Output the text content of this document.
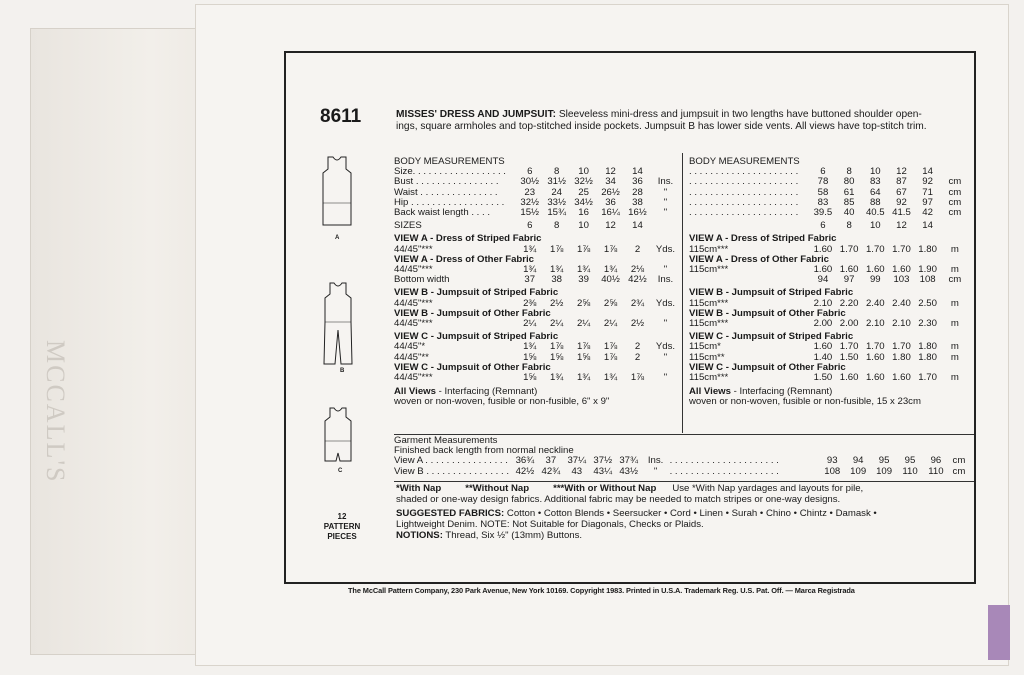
MCCALL'S
8611	MISSES' DRESS AND JUMPSUIT: Sleeveless mini-dress and jumpsuit in two lengths have buttoned shoulder open-
ings, square armholes and top-stitched inside pockets. Jumpsuit B has lower side vents. All views have top-stitch trim.
A
B
C
12
PATTERN
PIECES
BODY MEASUREMENTS						
Size. . . . . . . . . . . . . . . . . .	6	8	10	12	14	
Bust . . . . . . . . . . . . . . . .	30½	31½	32½	34	36	Ins.
Waist . . . . . . . . . . . . . . .	23	24	25	26½	28	"
Hip . . . . . . . . . . . . . . . . . .	32½	33½	34½	36	38	"
Back waist length . . . .	15½	15¾	16	16¼	16½	"
SIZES	6	8	10	12	14	
VIEW A - Dress of Striped Fabric						
44/45"***	1¾	1⅞	1⅞	1⅞	2	Yds.
VIEW A - Dress of Other Fabric						
44/45"***	1¾	1¾	1¾	1¾	2⅛	"
Bottom width	37	38	39	40½	42½	Ins.
VIEW B - Jumpsuit of Striped Fabric						
44/45"***	2⅜	2½	2⅝	2⅝	2¾	Yds.
VIEW B - Jumpsuit of Other Fabric						
44/45"***	2¼	2¼	2¼	2¼	2½	"
VIEW C - Jumpsuit of Striped Fabric						
44/45"*	1¾	1⅞	1⅞	1⅞	2	Yds.
44/45"**	1⅝	1⅝	1⅝	1⅞	2	"
VIEW C - Jumpsuit of Other Fabric						
44/45"***	1⅝	1¾	1¾	1¾	1⅞	"
All Views - Interfacing (Remnant)
woven or non-woven, fusible or non-fusible, 6" x 9"						
BODY MEASUREMENTS						
. . . . . . . . . . . . . . . . . . . . .	6	8	10	12	14	
. . . . . . . . . . . . . . . . . . . . .	78	80	83	87	92	cm
. . . . . . . . . . . . . . . . . . . . .	58	61	64	67	71	cm
. . . . . . . . . . . . . . . . . . . . .	83	85	88	92	97	cm
. . . . . . . . . . . . . . . . . . . . .	39.5	40	40.5	41.5	42	cm
	6	8	10	12	14	
VIEW A - Dress of Striped Fabric						
115cm***	1.60	1.70	1.70	1.70	1.80	m
VIEW A - Dress of Other Fabric						
115cm***	1.60	1.60	1.60	1.60	1.90	m
	94	97	99	103	108	cm
VIEW B - Jumpsuit of Striped Fabric						
115cm***	2.10	2.20	2.40	2.40	2.50	m
VIEW B - Jumpsuit of Other Fabric						
115cm***	2.00	2.00	2.10	2.10	2.30	m
VIEW C - Jumpsuit of Striped Fabric						
115cm*	1.60	1.70	1.70	1.70	1.80	m
115cm**	1.40	1.50	1.60	1.80	1.80	m
VIEW C - Jumpsuit of Other Fabric						
115cm***	1.50	1.60	1.60	1.60	1.70	m
All Views - Interfacing (Remnant)
woven or non-woven, fusible or non-fusible, 15 x 23cm						
Garment Measurements													
Finished back length from normal neckline													
View A . . . . . . . . . . . . . . . .	36¾	37	37¼	37½	37¾	Ins.	. . . . . . . . . . . . . . . . . . . . .	93	94	95	95	96	cm
View B . . . . . . . . . . . . . . . .	42½	42¾	43	43¼	43½	"	. . . . . . . . . . . . . . . . . . . . .	108	109	109	110	110	cm
*With Nap	**Without Nap	***With or Without Nap Use *With Nap yardages and layouts for pile,
shaded or one-way design fabrics. Additional fabric may be needed to match stripes or one-way designs.
SUGGESTED FABRICS: Cotton • Cotton Blends • Seersucker • Cord • Linen • Surah • Chino • Chintz • Damask •
Lightweight Denim. NOTE: Not Suitable for Diagonals, Checks or Plaids.
NOTIONS: Thread, Six ½" (13mm) Buttons.
The McCall Pattern Company, 230 Park Avenue, New York 10169. Copyright 1983. Printed in U.S.A. Trademark Reg. U.S. Pat. Off. — Marca Registrada
